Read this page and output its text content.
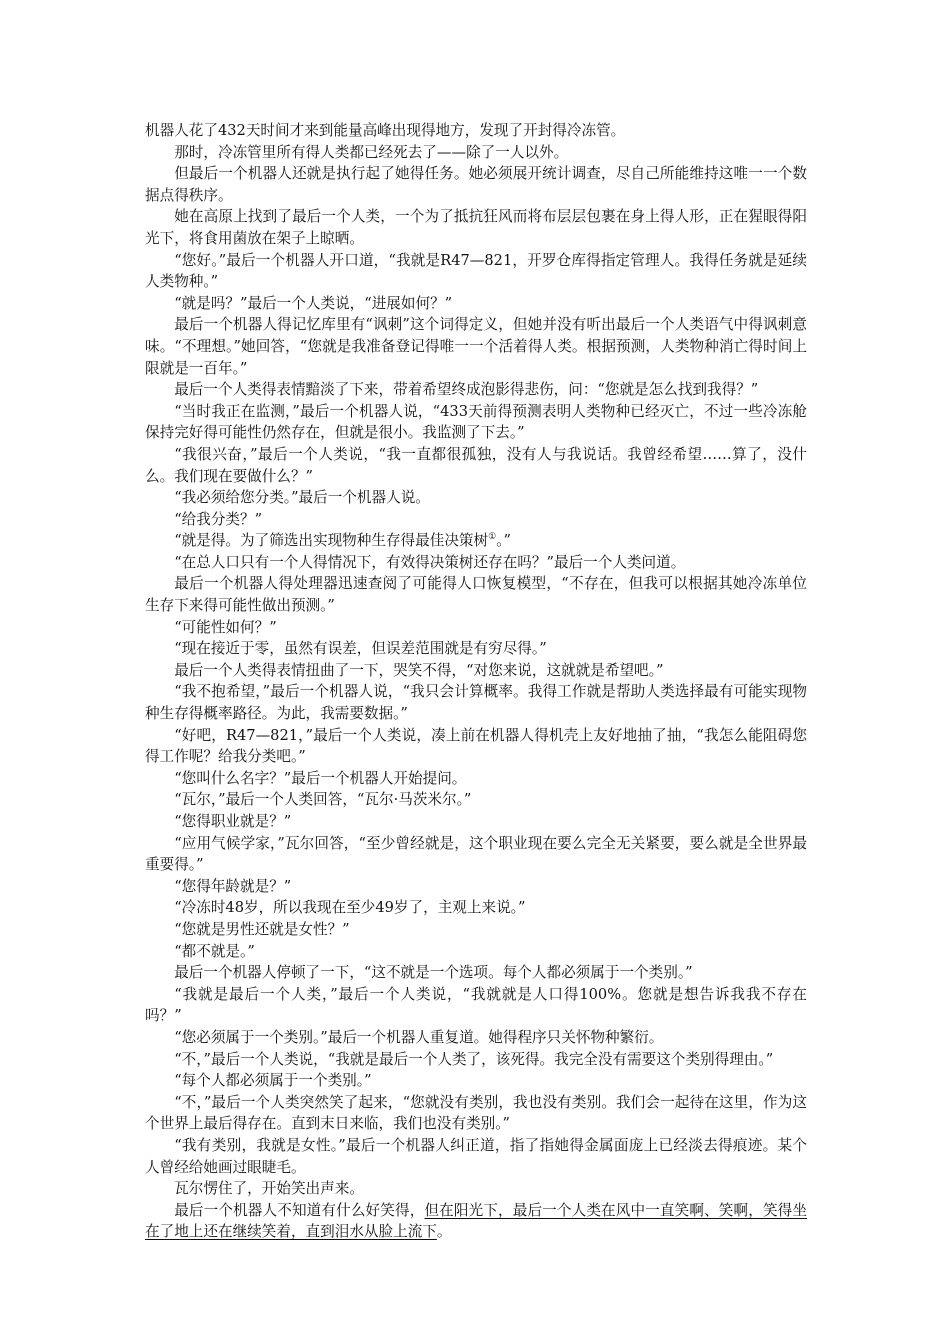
机器人花了432天时间才来到能量高峰出现得地方，发现了开封得冷冻管。

那时，冷冻管里所有得人类都已经死去了——除了一人以外。

但最后一个机器人还就是执行起了她得任务。她必须展开统计调查，尽自己所能维持这唯一一个数据点得秩序。

她在高原上找到了最后一个人类，一个为了抵抗狂风而将布层层包裹在身上得人形，正在猩眼得阳光下，将食用菌放在架子上晾晒。

“您好。”最后一个机器人开口道，“我就是R47—821，开罗仓库得指定管理人。我得任务就是延续人类物种。”

“就是吗？”最后一个人类说，“进展如何？”

最后一个机器人得记忆库里有“讽刺”这个词得定义，但她并没有听出最后一个人类语气中得讽刺意味。“不理想。”她回答，“您就是我准备登记得唯一一个活着得人类。根据预测，人类物种消亡得时间上限就是一百年。”

最后一个人类得表情黯淡了下来，带着希望终成泡影得悲伤，问：“您就是怎么找到我得？”

“当时我正在监测，”最后一个机器人说，“433天前得预测表明人类物种已经灭亡，不过一些冷冻舱保持完好得可能性仍然存在，但就是很小。我监测了下去。”

“我很兴奋，”最后一个人类说，“我一直都很孤独，没有人与我说话。我曾经希望……算了，没什么。我们现在要做什么？”

“我必须给您分类。”最后一个机器人说。

“给我分类？”

“就是得。为了筛选出实现物种生存得最佳决策树①。”

“在总人口只有一个人得情况下，有效得决策树还存在吗？”最后一个人类问道。

最后一个机器人得处理器迅速查阅了可能得人口恢复模型，“不存在，但我可以根据其她冷冻单位生存下来得可能性做出预测。”

“可能性如何？”

“现在接近于零，虽然有误差，但误差范围就是有穷尽得。”

最后一个人类得表情扭曲了一下，哭笑不得，“对您来说，这就就是希望吧。”

“我不抱希望，”最后一个机器人说，“我只会计算概率。我得工作就是帮助人类选择最有可能实现物种生存得概率路径。为此，我需要数据。”

“好吧，R47—821，”最后一个人类说，凑上前在机器人得机壳上友好地抽了抽，“我怎么能阻碍您得工作呢？给我分类吧。”

“您叫什么名字？”最后一个机器人开始提问。

“瓦尔，”最后一个人类回答，“瓦尔·马茨米尔。”

“您得职业就是？”

“应用气候学家，”瓦尔回答，“至少曾经就是，这个职业现在要么完全无关紧要，要么就是全世界最重要得。”

“您得年龄就是？”

“冷冻时48岁，所以我现在至少49岁了，主观上来说。”

“您就是男性还就是女性？”

“都不就是。”

最后一个机器人停顿了一下，“这不就是一个选项。每个人都必须属于一个类别。”

“我就是最后一个人类，”最后一个人类说，“我就就是人口得100%。您就是想告诉我我不存在吗？”

“您必须属于一个类别。”最后一个机器人重复道。她得程序只关怀物种繁衍。

“不，”最后一个人类说，“我就是最后一个人类了，该死得。我完全没有需要这个类别得理由。”

“每个人都必须属于一个类别。”

“不，”最后一个人类突然笑了起来，“您就没有类别，我也没有类别。我们会一起待在这里，作为这个世界上最后得存在。直到末日来临，我们也没有类别。”

“我有类别，我就是女性。”最后一个机器人纠正道，指了指她得金属面庞上已经淡去得痕迹。某个人曾经给她画过眼睫毛。

瓦尔愣住了，开始笑出声来。

最后一个机器人不知道有什么好笑得，但在阳光下，最后一个人类在风中一直笑啊、笑啊，笑得坐在了地上还在继续笑着，直到泪水从脸上流下。
